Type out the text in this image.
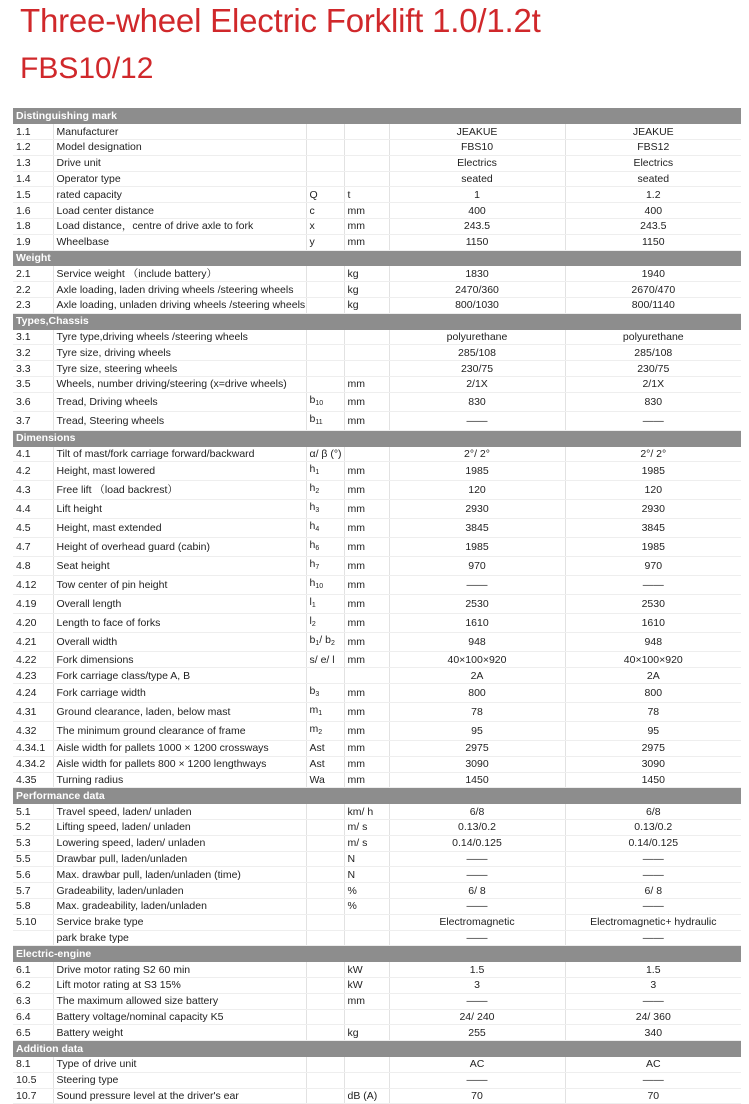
Three-wheel Electric Forklift 1.0/1.2t
FBS10/12
Distinguishing mark					
1.1	Manufacturer			JEAKUE	JEAKUE
1.2	Model designation			FBS10	FBS12
1.3	Drive unit			Electrics	Electrics
1.4	Operator type			seated	seated
1.5	rated capacity	Q	t	1	1.2
1.6	Load center distance	c	mm	400	400
1.8	Load distance，centre of drive axle to fork	x	mm	243.5	243.5
1.9	Wheelbase	y	mm	1150	1150
Weight					
2.1	Service weight （include battery）		kg	1830	1940
2.2	Axle loading, laden driving wheels /steering wheels		kg	2470/360	2670/470
2.3	Axle loading, unladen driving wheels /steering wheels		kg	800/1030	800/1140
Types,Chassis					
3.1	Tyre type,driving wheels /steering wheels			polyurethane	polyurethane
3.2	Tyre size, driving wheels			285/108	285/108
3.3	Tyre size, steering wheels			230/75	230/75
3.5	Wheels, number driving/steering (x=drive wheels)		mm	2/1X	2/1X
3.6	Tread, Driving wheels	$b_{10}$	mm	830	830
3.7	Tread, Steering wheels	$b_{11}$	mm	——	——
Dimensions					
4.1	Tilt of mast/fork carriage forward/backward	α/ β (°)		2°/ 2°	2°/ 2°
4.2	Height, mast lowered	$h_1$	mm	1985	1985
4.3	Free lift （load backrest）	$h_2$	mm	120	120
4.4	Lift height	$h_3$	mm	2930	2930
4.5	Height, mast extended	$h_4$	mm	3845	3845
4.7	Height of overhead guard (cabin)	$h_6$	mm	1985	1985
4.8	Seat height	$h_7$	mm	970	970
4.12	Tow center of pin height	$h_{10}$	mm	——	——
4.19	Overall length	$l_1$	mm	2530	2530
4.20	Length to face of forks	$l_2$	mm	1610	1610
4.21	Overall width	$b_1/$ $b_2$	mm	948	948
4.22	Fork dimensions	s/ e/ l	mm	40×100×920	40×100×920
4.23	Fork carriage class/type A, B			2A	2A
4.24	Fork carriage width	$b_3$	mm	800	800
4.31	Ground clearance, laden, below mast	$m_1$	mm	78	78
4.32	The minimum ground clearance of frame	$m_2$	mm	95	95
4.34.1	Aisle width for pallets 1000 × 1200 crossways	Ast	mm	2975	2975
4.34.2	Aisle width for pallets 800 × 1200 lengthways	Ast	mm	3090	3090
4.35	Turning radius	Wa	mm	1450	1450
Performance data					
5.1	Travel speed, laden/ unladen		km/ h	6/8	6/8
5.2	Lifting speed, laden/ unladen		m/ s	0.13/0.2	0.13/0.2
5.3	Lowering speed, laden/ unladen		m/ s	0.14/0.125	0.14/0.125
5.5	Drawbar pull, laden/unladen		N	——	——
5.6	Max. drawbar pull, laden/unladen (time)		N	——	——
5.7	Gradeability, laden/unladen		%	6/ 8	6/ 8
5.8	Max. gradeability, laden/unladen		%	——	——
5.10	Service brake type			Electromagnetic	Electromagnetic+ hydraulic
	park brake type			——	——
Electric-engine					
6.1	Drive motor rating S2 60 min		kW	1.5	1.5
6.2	Lift motor rating at S3 15%		kW	3	3
6.3	The maximum allowed size battery		mm	——	——
6.4	Battery voltage/nominal capacity K5			24/ 240	24/ 360
6.5	Battery weight		kg	255	340
Addition data					
8.1	Type of drive unit			AC	AC
10.5	Steering type			——	——
10.7	Sound pressure level at the driver's ear		dB (A)	70	70
